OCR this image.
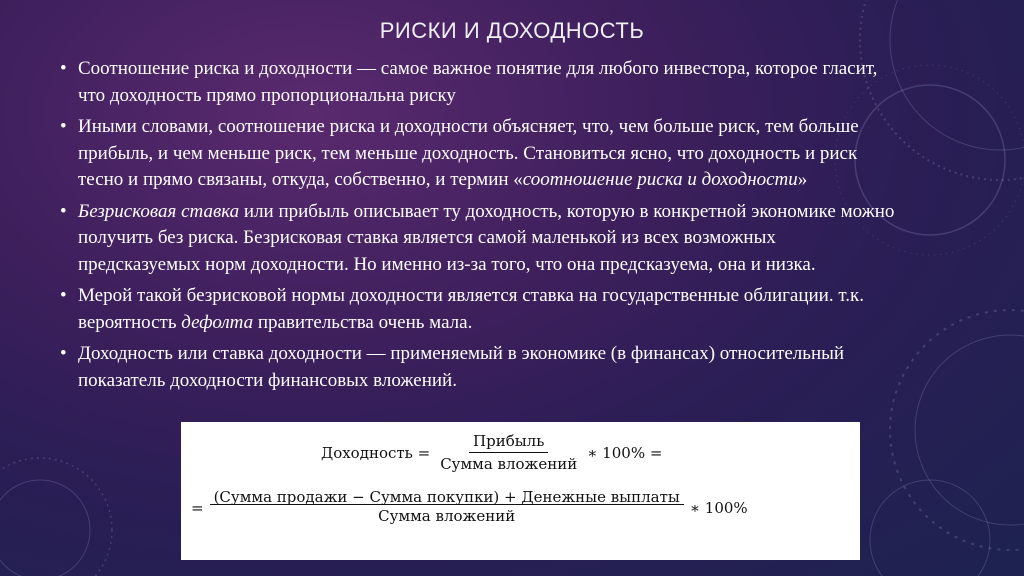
РИСКИ И ДОХОДНОСТЬ
• Соотношение риска и доходности — самое важное понятие для любого инвестора, которое гласит, что доходность прямо пропорциональна риску
• Иными словами, соотношение риска и доходности объясняет, что, чем больше риск, тем больше прибыль, и чем меньше риск, тем меньше доходность. Становиться ясно, что доходность и риск тесно и прямо связаны, откуда, собственно, и термин «соотношение риска и доходности»
• Безрисковая ставка или прибыль описывает ту доходность, которую в конкретной экономике можно получить без риска. Безрисковая ставка является самой маленькой из всех возможных предсказуемых норм доходности. Но именно из-за того, что она предсказуема, она и низка.
• Мерой такой безрисковой нормы доходности является ставка на государственные облигации. т.к. вероятность дефолта правительства очень мала.
• Доходность или ставка доходности — применяемый в экономике (в финансах) относительный показатель доходности финансовых вложений.
Доходность = $\frac{\text{Прибыль}}{\text{Сумма вложений}}$ ∗ 100% =
= $\frac{\text{(Сумма продажи − Сумма покупки) + Денежные выплаты}}{\text{Сумма вложений}}$ ∗ 100%
